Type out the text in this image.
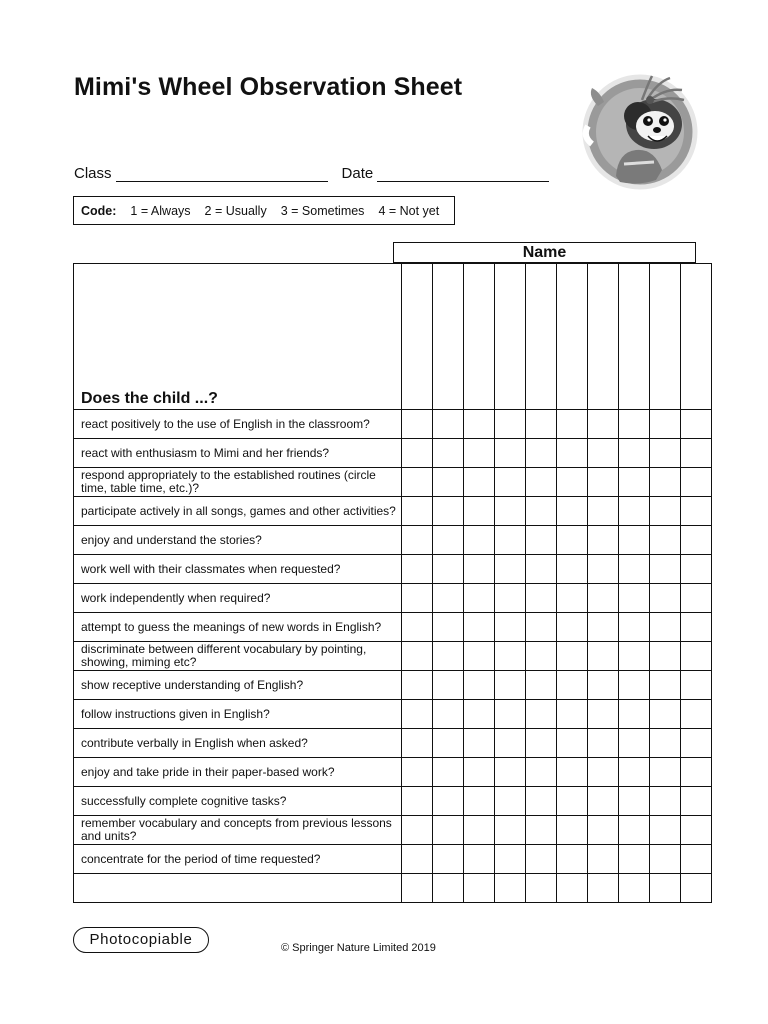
Mimi's Wheel Observation Sheet
Class	Date
Code: 1 = Always 2 = Usually 3 = Sometimes 4 = Not yet
Name
Does the child ...?										
react positively to the use of English in the classroom?										
react with enthusiasm to Mimi and her friends?										
respond appropriately to the established routines (circle time, table time, etc.)?										
participate actively in all songs, games and other activities?										
enjoy and understand the stories?										
work well with their classmates when requested?										
work independently when required?										
attempt to guess the meanings of new words in English?										
discriminate between different vocabulary by pointing, showing, miming etc?										
show receptive understanding of English?										
follow instructions given in English?										
contribute verbally in English when asked?										
enjoy and take pride in their paper-based work?										
successfully complete cognitive tasks?										
remember vocabulary and concepts from previous lessons and units?										
concentrate for the period of time requested?										

Photocopiable	© Springer Nature Limited 2019
